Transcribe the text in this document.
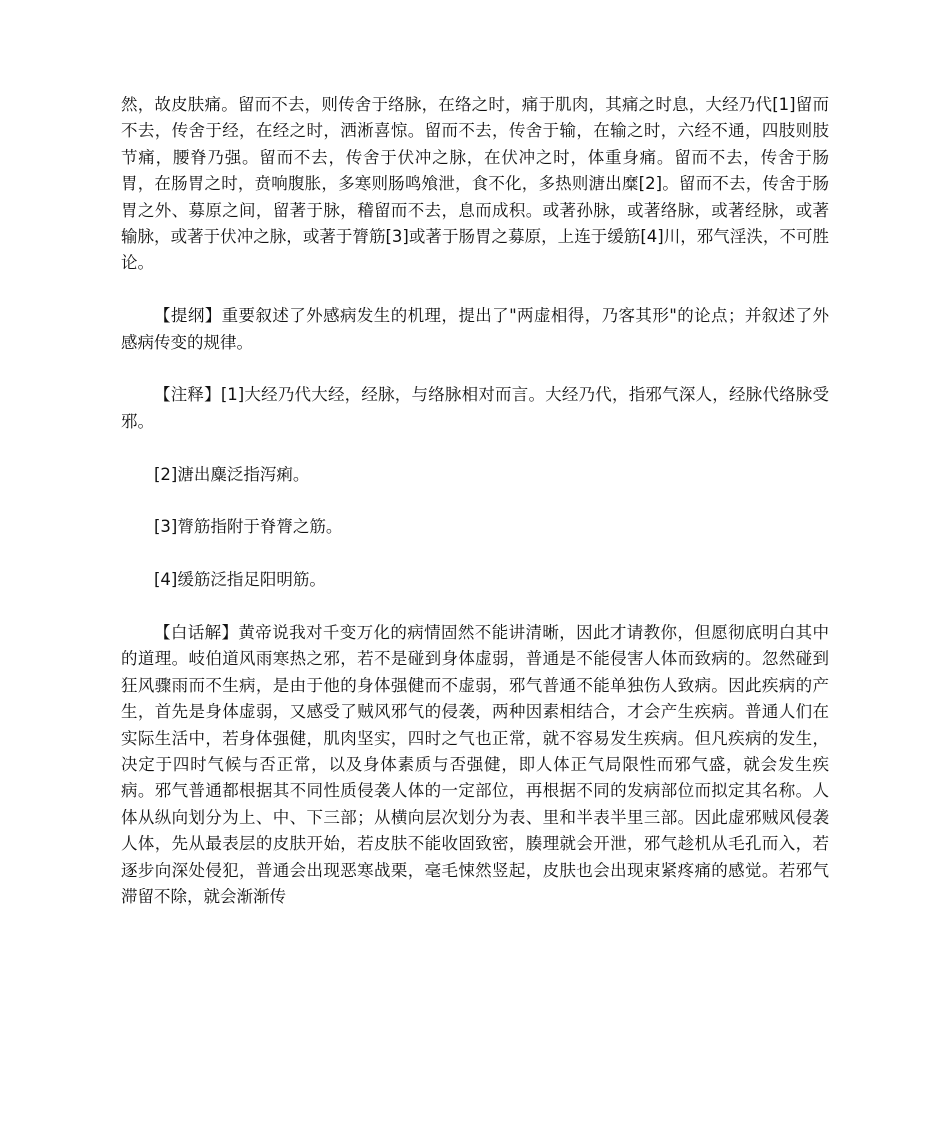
然，故皮肤痛。留而不去，则传舍于络脉，在络之时，痛于肌肉，其痛之时息，大经乃代[1]留而不去，传舍于经，在经之时，洒淅喜惊。留而不去，传舍于输，在输之时，六经不通，四肢则肢节痛，腰脊乃强。留而不去，传舍于伏冲之脉，在伏冲之时，体重身痛。留而不去，传舍于肠胃，在肠胃之时，贲响腹胀，多寒则肠鸣飧泄，食不化，多热则溏出糜[2]。留而不去，传舍于肠胃之外、募原之间，留著于脉，稽留而不去，息而成积。或著孙脉，或著络脉，或著经脉，或著输脉，或著于伏冲之脉，或著于膂筋[3]或著于肠胃之募原，上连于缓筋[4]川，邪气淫泆，不可胜论。

【提纲】重要叙述了外感病发生的机理，提出了"两虚相得，乃客其形"的论点；并叙述了外感病传变的规律。

【注释】[1]大经乃代大经，经脉，与络脉相对而言。大经乃代，指邪气深人，经脉代络脉受邪。

[2]溏出麋泛指泻痢。

[3]膂筋指附于脊膂之筋。

[4]缓筋泛指足阳明筋。

【白话解】黄帝说我对千变万化的病情固然不能讲清晰，因此才请教你，但愿彻底明白其中的道理。岐伯道风雨寒热之邪，若不是碰到身体虚弱，普通是不能侵害人体而致病的。忽然碰到狂风骤雨而不生病，是由于他的身体强健而不虚弱，邪气普通不能单独伤人致病。因此疾病的产生，首先是身体虚弱，又感受了贼风邪气的侵袭，两种因素相结合，才会产生疾病。普通人们在实际生活中，若身体强健，肌肉坚实，四时之气也正常，就不容易发生疾病。但凡疾病的发生，决定于四时气候与否正常，以及身体素质与否强健，即人体正气局限性而邪气盛，就会发生疾病。邪气普通都根据其不同性质侵袭人体的一定部位，再根据不同的发病部位而拟定其名称。人体从纵向划分为上、中、下三部；从横向层次划分为表、里和半表半里三部。因此虚邪贼风侵袭人体，先从最表层的皮肤开始，若皮肤不能收固致密，腠理就会开泄，邪气趁机从毛孔而入，若逐步向深处侵犯，普通会出现恶寒战栗，毫毛悚然竖起，皮肤也会出现束紧疼痛的感觉。若邪气滞留不除，就会渐渐传
